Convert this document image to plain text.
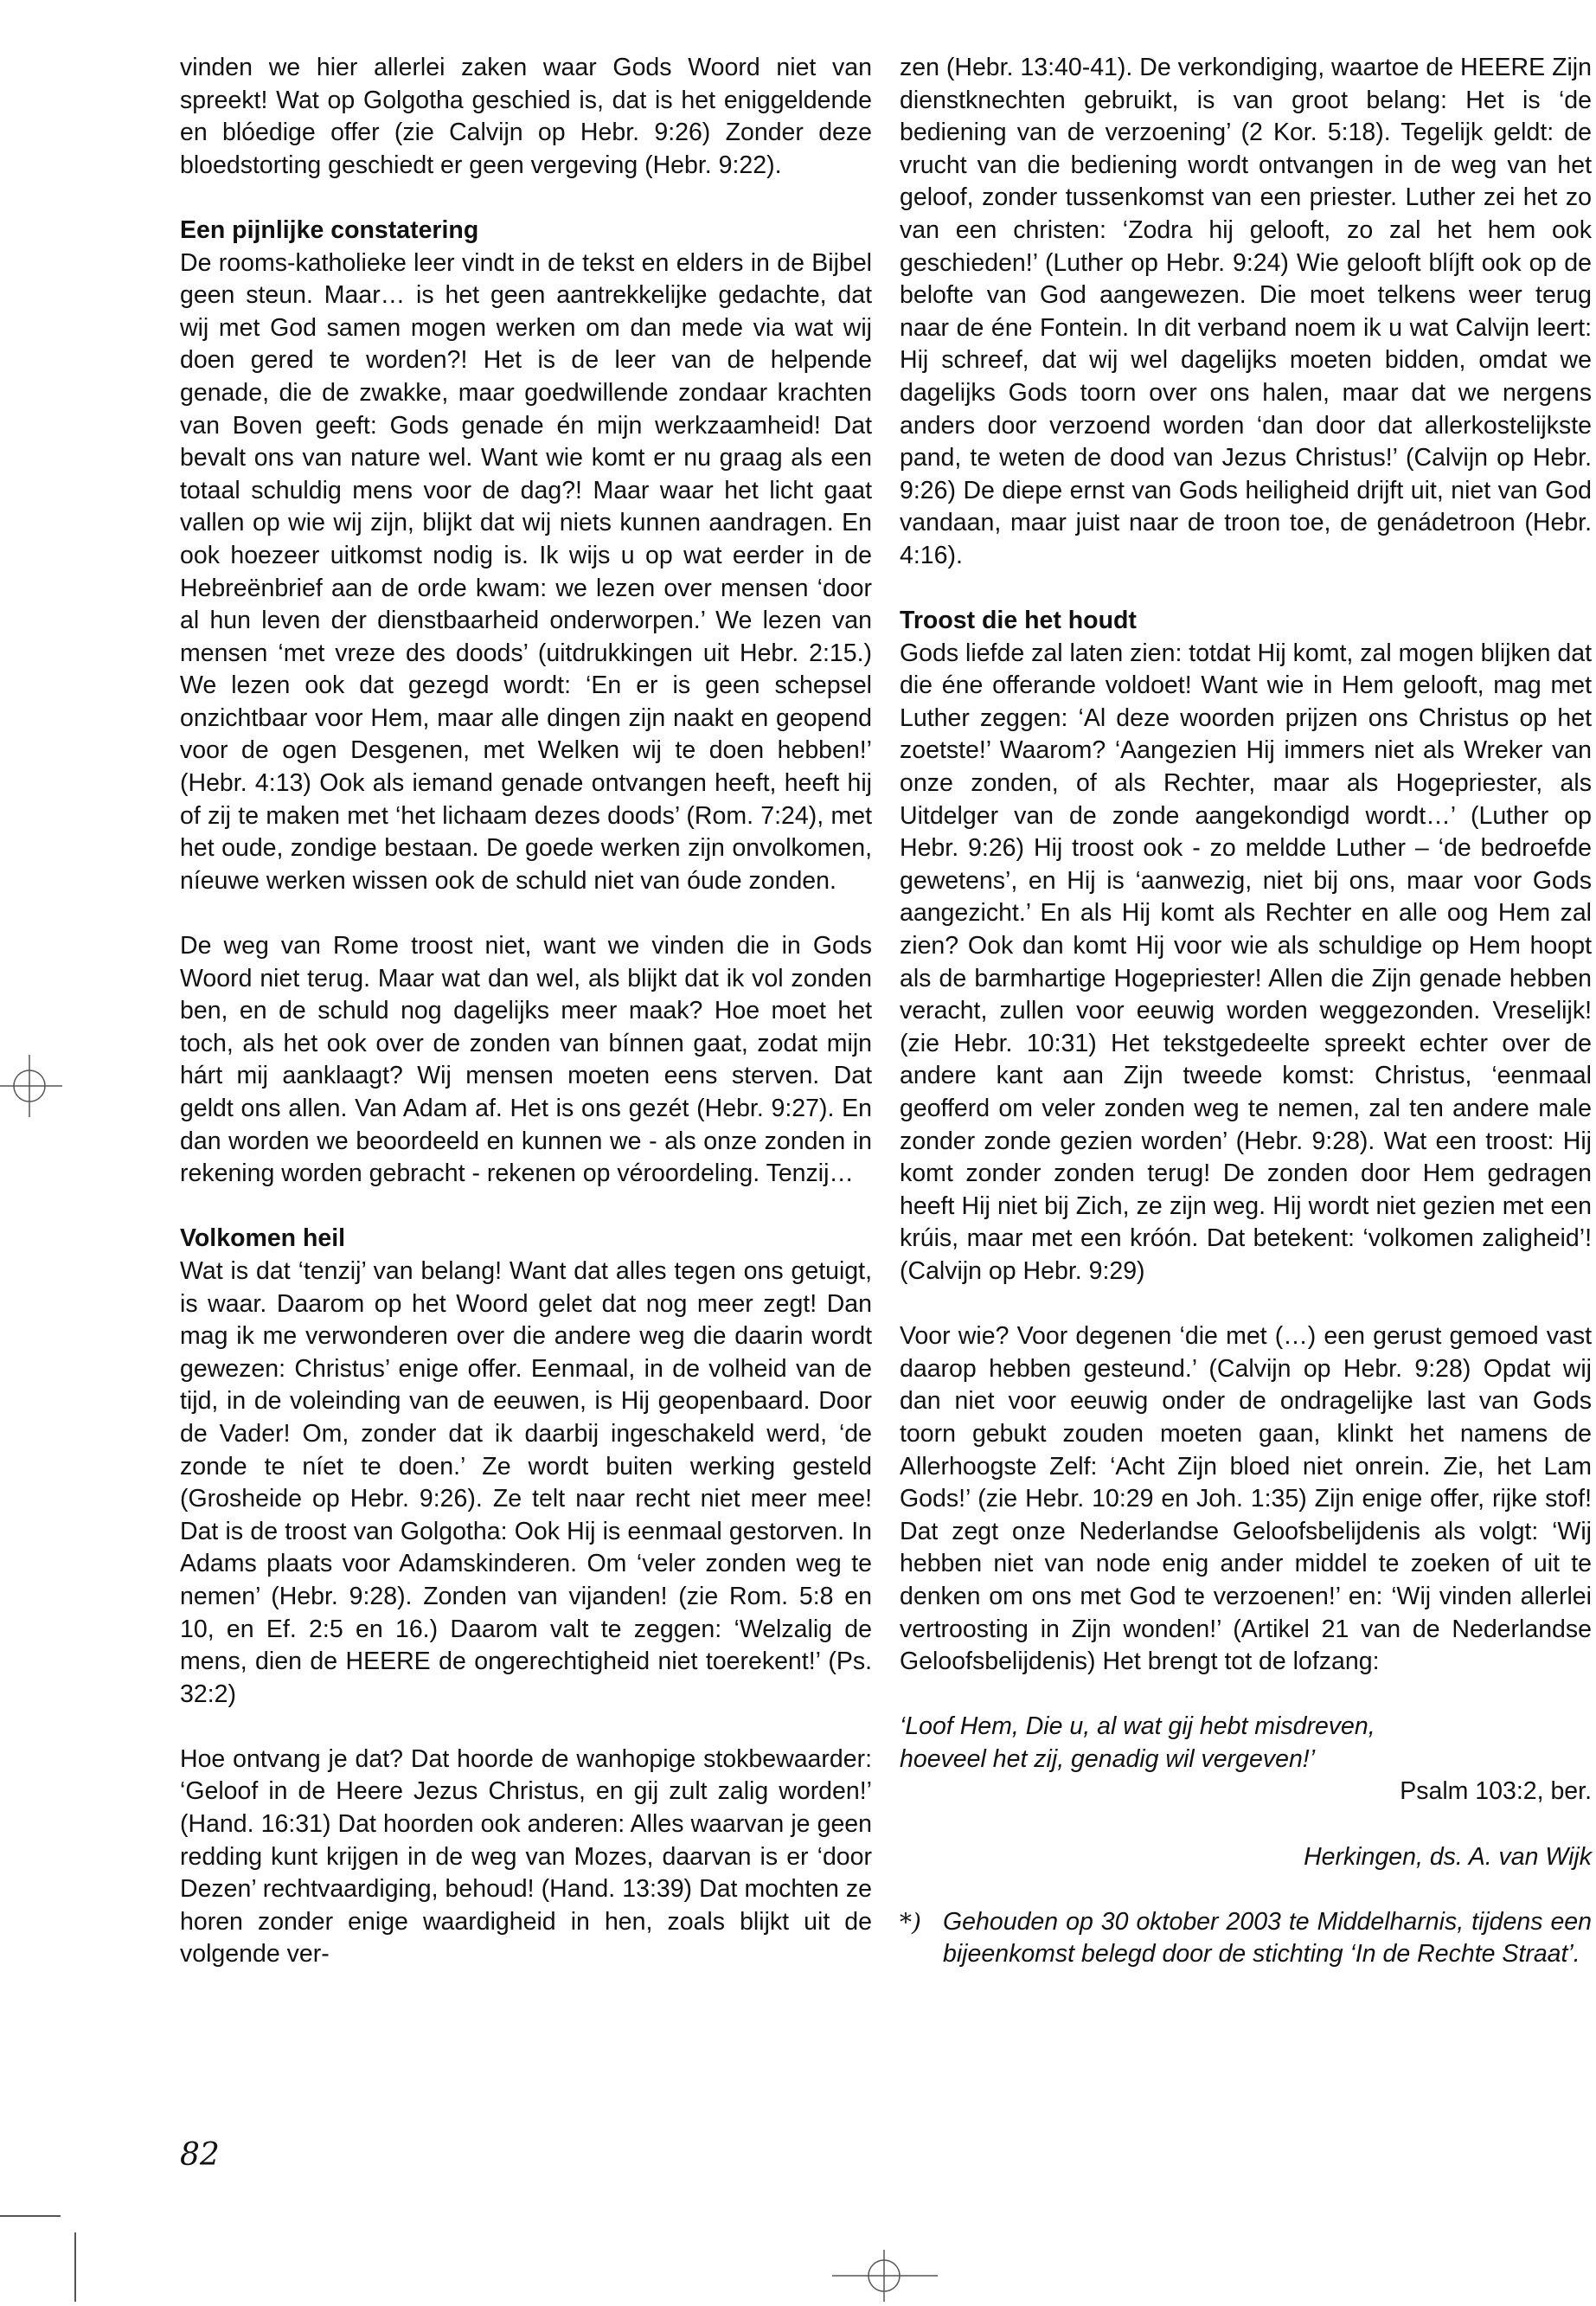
vinden we hier allerlei zaken waar Gods Woord niet van spreekt! Wat op Golgotha geschied is, dat is het eniggeldende en blóedige offer (zie Calvijn op Hebr. 9:26) Zonder deze bloedstorting geschiedt er geen vergeving (Hebr. 9:22).

Een pijnlijke constatering

De rooms-katholieke leer vindt in de tekst en elders in de Bijbel geen steun. Maar… is het geen aantrekkelijke gedachte, dat wij met God samen mogen werken om dan mede via wat wij doen gered te worden?! Het is de leer van de helpende genade, die de zwakke, maar goedwillende zondaar krachten van Boven geeft: Gods genade én mijn werkzaamheid! Dat bevalt ons van nature wel. Want wie komt er nu graag als een totaal schuldig mens voor de dag?! Maar waar het licht gaat vallen op wie wij zijn, blijkt dat wij niets kunnen aandragen. En ook hoezeer uitkomst nodig is. Ik wijs u op wat eerder in de Hebreënbrief aan de orde kwam: we lezen over mensen ‘door al hun leven der dienstbaarheid onderworpen.’ We lezen van mensen ‘met vreze des doods’ (uitdrukkingen uit Hebr. 2:15.) We lezen ook dat gezegd wordt: ‘En er is geen schepsel onzichtbaar voor Hem, maar alle dingen zijn naakt en geopend voor de ogen Desgenen, met Welken wij te doen hebben!’ (Hebr. 4:13) Ook als iemand genade ontvangen heeft, heeft hij of zij te maken met ‘het lichaam dezes doods’ (Rom. 7:24), met het oude, zondige bestaan. De goede werken zijn onvolkomen, níeuwe werken wissen ook de schuld niet van óude zonden.

De weg van Rome troost niet, want we vinden die in Gods Woord niet terug. Maar wat dan wel, als blijkt dat ik vol zonden ben, en de schuld nog dagelijks meer maak? Hoe moet het toch, als het ook over de zonden van bínnen gaat, zodat mijn hárt mij aanklaagt? Wij mensen moeten eens sterven. Dat geldt ons allen. Van Adam af. Het is ons gezét (Hebr. 9:27). En dan worden we beoordeeld en kunnen we - als onze zonden in rekening worden gebracht - rekenen op véroordeling. Tenzij…

Volkomen heil

Wat is dat ‘tenzij’ van belang! Want dat alles tegen ons getuigt, is waar. Daarom op het Woord gelet dat nog meer zegt! Dan mag ik me verwonderen over die andere weg die daarin wordt gewezen: Christus’ enige offer. Eenmaal, in de volheid van de tijd, in de voleinding van de eeuwen, is Hij geopenbaard. Door de Vader! Om, zonder dat ik daarbij ingeschakeld werd, ‘de zonde te níet te doen.’ Ze wordt buiten werking gesteld (Grosheide op Hebr. 9:26). Ze telt naar recht niet meer mee! Dat is de troost van Golgotha: Ook Hij is eenmaal gestorven. In Adams plaats voor Adamskinderen. Om ‘veler zonden weg te nemen’ (Hebr. 9:28). Zonden van vijanden! (zie Rom. 5:8 en 10, en Ef. 2:5 en 16.) Daarom valt te zeggen: ‘Welzalig de mens, dien de HEERE de ongerechtigheid niet toerekent!’ (Ps. 32:2)

Hoe ontvang je dat? Dat hoorde de wanhopige stokbewaarder: ‘Geloof in de Heere Jezus Christus, en gij zult zalig worden!’ (Hand. 16:31) Dat hoorden ook anderen: Alles waarvan je geen redding kunt krijgen in de weg van Mozes, daarvan is er ‘door Dezen’ rechtvaardiging, behoud! (Hand. 13:39) Dat mochten ze horen zonder enige waardigheid in hen, zoals blijkt uit de volgende ver-

zen (Hebr. 13:40-41). De verkondiging, waartoe de HEERE Zijn dienstknechten gebruikt, is van groot belang: Het is ‘de bediening van de verzoening’ (2 Kor. 5:18). Tegelijk geldt: de vrucht van die bediening wordt ontvangen in de weg van het geloof, zonder tussenkomst van een priester. Luther zei het zo van een christen: ‘Zodra hij gelooft, zo zal het hem ook geschieden!’ (Luther op Hebr. 9:24) Wie gelooft blíjft ook op de belofte van God aangewezen. Die moet telkens weer terug naar de éne Fontein. In dit verband noem ik u wat Calvijn leert: Hij schreef, dat wij wel dagelijks moeten bidden, omdat we dagelijks Gods toorn over ons halen, maar dat we nergens anders door verzoend worden ‘dan door dat allerkostelijkste pand, te weten de dood van Jezus Christus!’ (Calvijn op Hebr. 9:26) De diepe ernst van Gods heiligheid drijft uit, niet van God vandaan, maar juist naar de troon toe, de genádetroon (Hebr. 4:16).

Troost die het houdt

Gods liefde zal laten zien: totdat Hij komt, zal mogen blijken dat die éne offerande voldoet! Want wie in Hem gelooft, mag met Luther zeggen: ‘Al deze woorden prijzen ons Christus op het zoetste!’ Waarom? ‘Aangezien Hij immers niet als Wreker van onze zonden, of als Rechter, maar als Hogepriester, als Uitdelger van de zonde aangekondigd wordt…’ (Luther op Hebr. 9:26) Hij troost ook - zo meldde Luther – ‘de bedroefde gewetens’, en Hij is ‘aanwezig, niet bij ons, maar voor Gods aangezicht.’ En als Hij komt als Rechter en alle oog Hem zal zien? Ook dan komt Hij voor wie als schuldige op Hem hoopt als de barmhartige Hogepriester! Allen die Zijn genade hebben veracht, zullen voor eeuwig worden weggezonden. Vreselijk! (zie Hebr. 10:31) Het tekstgedeelte spreekt echter over de andere kant aan Zijn tweede komst: Christus, ‘eenmaal geofferd om veler zonden weg te nemen, zal ten andere male zonder zonde gezien worden’ (Hebr. 9:28). Wat een troost: Hij komt zonder zonden terug! De zonden door Hem gedragen heeft Hij niet bij Zich, ze zijn weg. Hij wordt niet gezien met een krúis, maar met een króón. Dat betekent: ‘volkomen zaligheid’! (Calvijn op Hebr. 9:29)

Voor wie? Voor degenen ‘die met (…) een gerust gemoed vast daarop hebben gesteund.’ (Calvijn op Hebr. 9:28) Opdat wij dan niet voor eeuwig onder de ondragelijke last van Gods toorn gebukt zouden moeten gaan, klinkt het namens de Allerhoogste Zelf: ‘Acht Zijn bloed niet onrein. Zie, het Lam Gods!’ (zie Hebr. 10:29 en Joh. 1:35) Zijn enige offer, rijke stof! Dat zegt onze Nederlandse Geloofsbelijdenis als volgt: ‘Wij hebben niet van node enig ander middel te zoeken of uit te denken om ons met God te verzoenen!’ en: ‘Wij vinden allerlei vertroosting in Zijn wonden!’ (Artikel 21 van de Nederlandse Geloofsbelijdenis) Het brengt tot de lofzang:

‘Loof Hem, Die u, al wat gij hebt misdreven,

hoeveel het zij, genadig wil vergeven!’

Psalm 103:2, ber.

Herkingen, ds. A. van Wijk

*) Gehouden op 30 oktober 2003 te Middelharnis, tijdens een bijeenkomst belegd door de stichting ‘In de Rechte Straat’.
82
